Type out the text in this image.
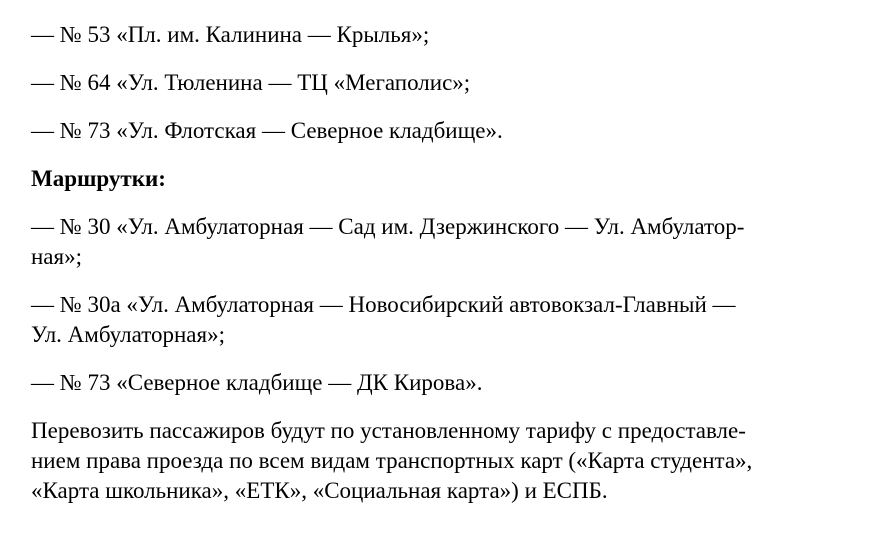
— № 53 «Пл. им. Калинина — Крылья»;

— № 64 «Ул. Тюленина — ТЦ «Мегаполис»;

— № 73 «Ул. Флотская — Северное кладбище».

Маршрутки:

— № 30 «Ул. Амбулаторная — Сад им. Дзержинского — Ул. Амбулатор-
ная»;

— № 30а «Ул. Амбулаторная — Новосибирский автовокзал-Главный —
Ул. Амбулаторная»;

— № 73 «Северное кладбище — ДК Кирова».

Перевозить пассажиров будут по установленному тарифу с предоставле-
нием права проезда по всем видам транспортных карт («Карта студента»,
«Карта школьника», «ЕТК», «Социальная карта») и ЕСПБ.
